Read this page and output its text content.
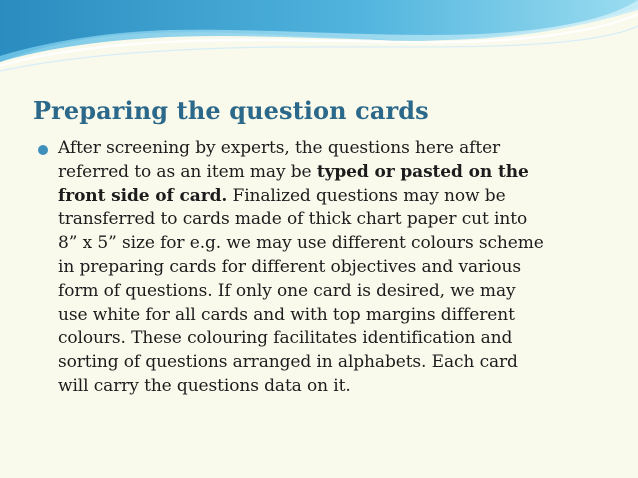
Preparing the question cards
After screening by experts, the questions here after
referred to as an item may be typed or pasted on the
front side of card. Finalized questions may now be
transferred to cards made of thick chart paper cut into
8” x 5” size for e.g. we may use different colours scheme
in preparing cards for different objectives and various
form of questions. If only one card is desired, we may
use white for all cards and with top margins different
colours. These colouring facilitates identification and
sorting of questions arranged in alphabets. Each card
will carry the questions data on it.
